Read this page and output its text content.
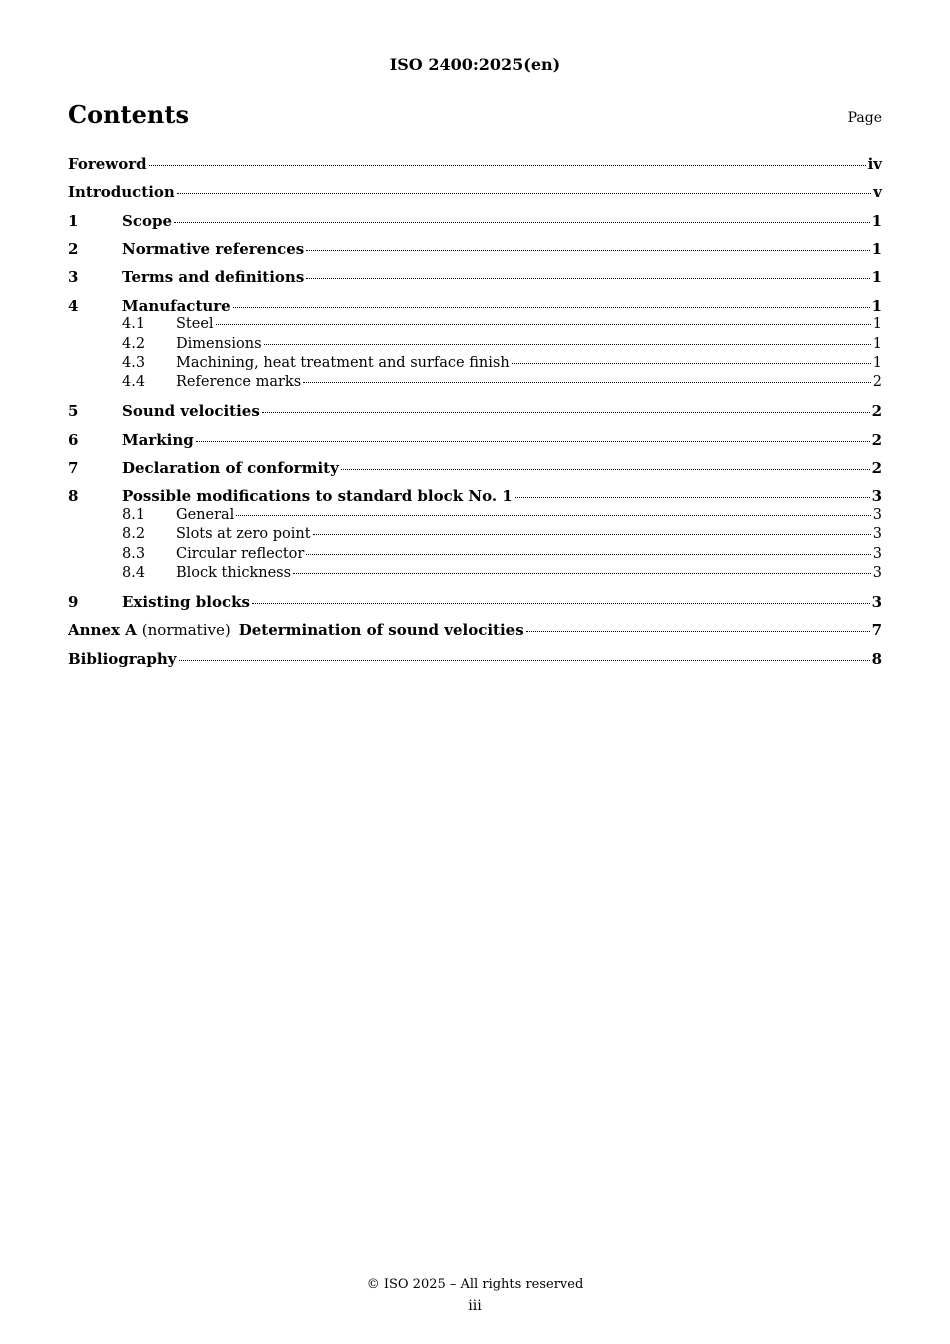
ISO 2400:2025(en)
Contents	Page
Foreword	iv
Introduction	v
1	Scope	1
2	Normative references	1
3	Terms and definitions	1
4	Manufacture	1
4.1	Steel	1
4.2	Dimensions	1
4.3	Machining, heat treatment and surface finish	1
4.4	Reference marks	2
5	Sound velocities	2
6	Marking	2
7	Declaration of conformity	2
8	Possible modifications to standard block No. 1	3
8.1	General	3
8.2	Slots at zero point	3
8.3	Circular reflector	3
8.4	Block thickness	3
9	Existing blocks	3
Annex A (normative) Determination of sound velocities	7
Bibliography	8
© ISO 2025 – All rights reserved
iii
